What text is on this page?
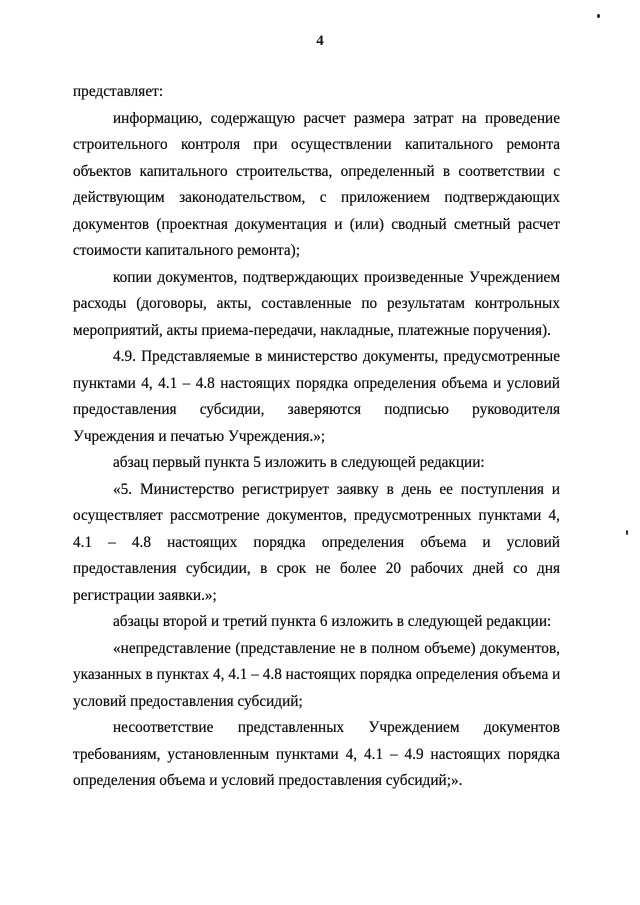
4
представляет:
информацию, содержащую расчет размера затрат на проведение
строительного контроля при осуществлении капитального ремонта
объектов капитального строительства, определенный в соответствии с
действующим законодательством, с приложением подтверждающих
документов (проектная документация и (или) сводный сметный расчет
стоимости капитального ремонта);
копии документов, подтверждающих произведенные Учреждением
расходы (договоры, акты, составленные по результатам контрольных
мероприятий, акты приема-передачи, накладные, платежные поручения).
4.9. Представляемые в министерство документы, предусмотренные
пунктами 4, 4.1 – 4.8 настоящих порядка определения объема и условий
предоставления субсидии, заверяются подписью руководителя
Учреждения и печатью Учреждения.»;
абзац первый пункта 5 изложить в следующей редакции:
«5. Министерство регистрирует заявку в день ее поступления и
осуществляет рассмотрение документов, предусмотренных пунктами 4,
4.1 – 4.8 настоящих порядка определения объема и условий
предоставления субсидии, в срок не более 20 рабочих дней со дня
регистрации заявки.»;
абзацы второй и третий пункта 6 изложить в следующей редакции:
«непредставление (представление не в полном объеме) документов,
указанных в пунктах 4, 4.1 – 4.8 настоящих порядка определения объема и
условий предоставления субсидий;
несоответствие представленных Учреждением документов
требованиям, установленным пунктами 4, 4.1 – 4.9 настоящих порядка
определения объема и условий предоставления субсидий;».
